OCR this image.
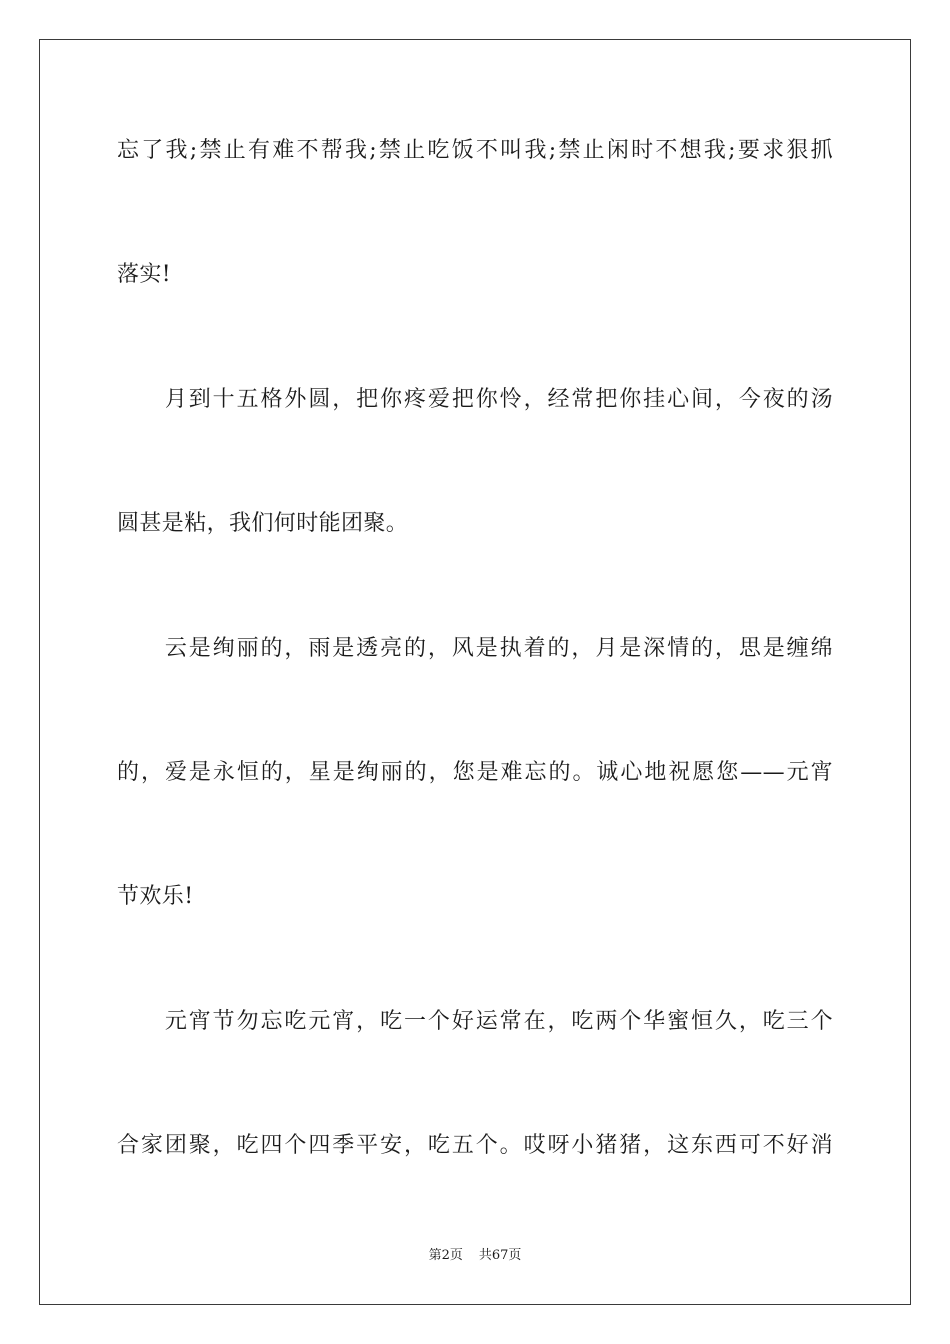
忘了我;禁止有难不帮我;禁止吃饭不叫我;禁止闲时不想我;要求狠抓
落实!
　　月到十五格外圆，把你疼爱把你怜，经常把你挂心间，今夜的汤
圆甚是粘，我们何时能团聚。
　　云是绚丽的，雨是透亮的，风是执着的，月是深情的，思是缠绵
的，爱是永恒的，星是绚丽的，您是难忘的。诚心地祝愿您——元宵
节欢乐!
　　元宵节勿忘吃元宵，吃一个好运常在，吃两个华蜜恒久，吃三个
合家团聚，吃四个四季平安，吃五个。哎呀小猪猪，这东西可不好消
第2页 共67页
